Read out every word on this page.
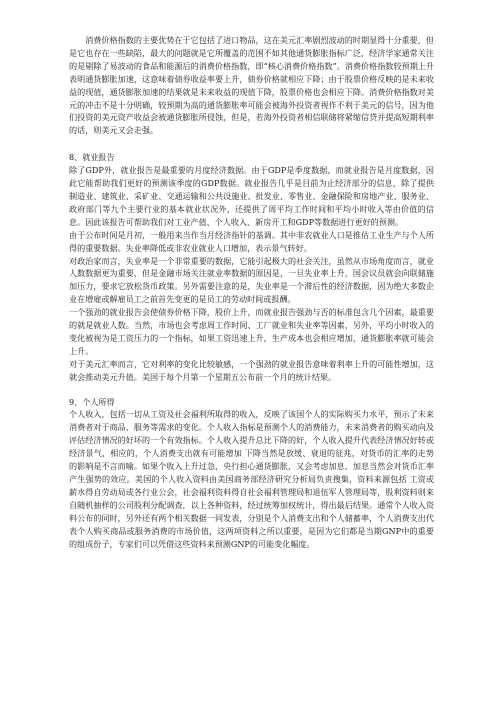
消费价格指数的主要优势在于它包括了进口物品，这在美元汇率剧烈波动的时期显得十分重要，但是它也存在一些缺陷，最大的问题就是它所覆盖的范围不如其他通货膨胀指标广泛，经济学家通常关注的是剔除了易波动的食品和能源后的消费价格指数，即“核心消费价格指数”。消费价格指数较预期上升表明通货膨胀加速，这意味着债券收益率要上升，债券价格就相应下降；由于股票价格反映的是未来收益的现值，通货膨胀加速的结果就是未来收益的现值下降，股票价格也会相应下降。消费价格指数对美元的冲击不是十分明确，较预期为高的通货膨胀率可能会被海外投资者视作不利于美元的信号，因为他们投资的美元资产收益会被通货膨胀所侵蚀，但是，若海外投资者相信联储将紧缩信贷并提高短期利率的话，则美元又会走强。

8、就业报告

除了GDP外，就业报告是最重要的月度经济数据。由于GDP是季度数据，而就业报告是月度数据，因此它能帮助我们更好的预测该季度的GDP数据。就业报告几乎是目前为止经济部分的信息，除了提供制造业、建筑业、采矿业、交通运输和公共设施业、批发业、零售业、金融保险和房地产业、服务业、政府部门等九个主要行业的基本就业状况外，还提供了周平均工作时间和平均小时收入等由价值的信息。因此该报告可帮助我们对工业产值、个人收入、新房开工和GDP等数据进行更好的预测。

由于公布时间是月初，一般用来当作当月经济指针的基调。其中非农就业人口是推估工业生产与个人所得的重要数据。失业率降低或非农业就业人口增加，表示景气转好。

对政治家而言，失业率是一个非常重要的数据，它能引起极大的社会关注，虽然从市场角度而言，就业人数数据更为重要，但是金融市场关注就业率数据的原因是，一旦失业率上升，国会议员就会向联储施加压力，要求它放松货币政策。另外需要注意的是，失业率是一个滞后性的经济数据，因为绝大多数企业在增雇或解雇员工之前首先变更的是员工的劳动时间或报酬。

一个强劲的就业报告会使债券价格下降，股价上升，而就业报告强劲与否的标准包含几个因素，最重要的就是就业人数。当然，市场也会考虑周工作时间、工厂就业和失业率等因素，另外，平均小时收入的变化被视为是工资压力的一个指标，如果工资迅速上升，生产成本也会相应增加，通货膨胀率就可能会上升。

对于美元汇率而言，它对利率的变化比较敏感，一个强劲的就业报告意味着利率上升的可能性增加，这就会推动美元升值。美国于每个月第一个星期五公布前一个月的统计结果。

9、个人所得

个人收入，包括一切从工资及社会福利所取得的收入，反映了该国个人的实际购买力水平，预示了未来消费者对于商品、服务等需求的变化。个人收入指标是预测个人的消费能力，未来消费者的购买动向及评估经济情况的好坏的一个有效指标。个人收入提升总比下降的好，个人收入提升代表经济情况好转或经济景气，相应的，个人消费支出就有可能增加 下降当然是放缓、衰退的征兆，对货币的汇率的走势的影响是不言而喻。如果个收入上升过急，央行担心通货膨胀，又会考虑加息，加息当然会对货币汇率产生强势的效应。美国的个人收入资料由美国商务部经济研究分析局负责搜集，资料来源包括 工资或薪水得自劳动局或各行业公会，社会福利资料得自社会福利管理局和退伍军人管理局等，股利资料则来自随机抽样的公司股利分配调查，以上各种资料，经过统筹加权统计，得出最后结果。通常个人收入资料公布的同时，另外还有两个相关数据一同发表，分别是个人消费支出和个人储蓄率，个人消费支出代表个人购买商品或服务消费的市场价值，这两项资料之所以重要，是因为它们都是当期GNP中的重要的组成份子，专家们可以凭借这些资料来预测GNP的可能变化幅度。
